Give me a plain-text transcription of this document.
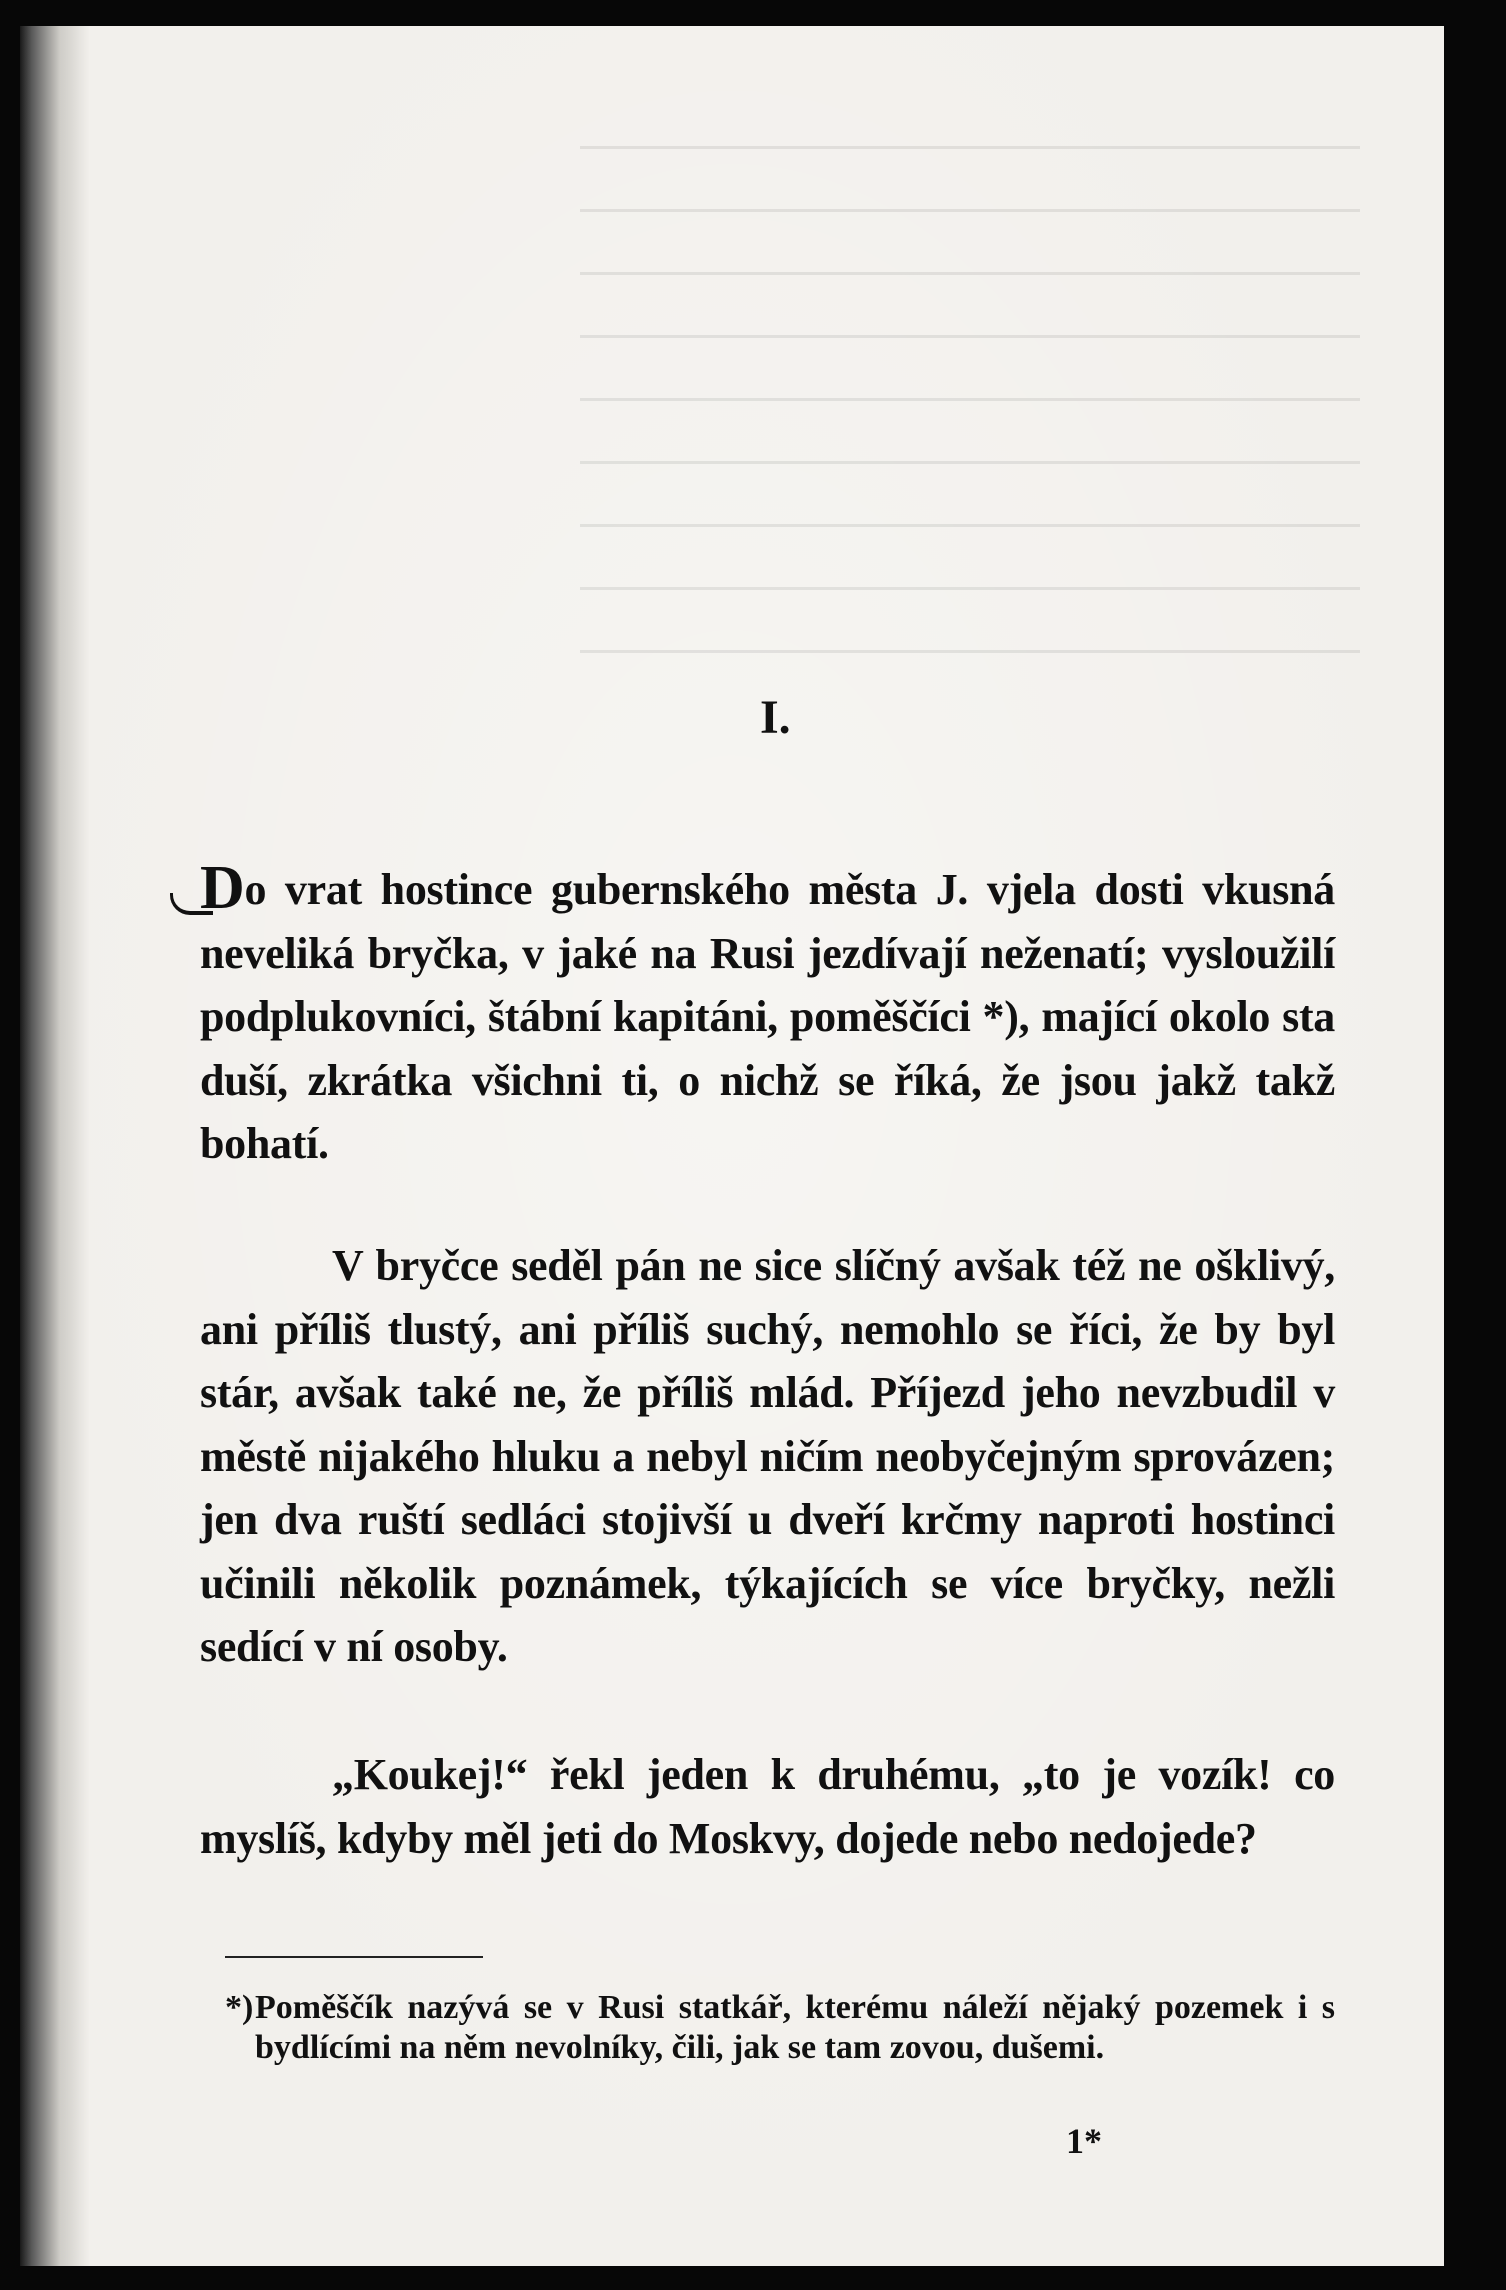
I.
Do vrat hostince gubernského města J. vjela dosti vkusná neveliká bryčka, v jaké na Rusi jezdívají neženatí; vysloužilí podplukovníci, štábní kapitáni, poměščíci *), mající okolo sta duší, zkrátka všichni ti, o nichž se říká, že jsou jakž takž bohatí.
V bryčce seděl pán ne sice slíčný avšak též ne ošklivý, ani příliš tlustý, ani příliš suchý, nemohlo se říci, že by byl stár, avšak také ne, že příliš mlád. Příjezd jeho nevzbudil v městě nijakého hluku a nebyl ničím neobyčejným sprovázen; jen dva ruští sedláci stojivší u dveří krčmy naproti hostinci učinili několik poznámek, týkajících se více bryčky, nežli sedící v ní osoby.
„Koukej!“ řekl jeden k druhému, „to je vozík! co myslíš, kdyby měl jeti do Moskvy, dojede nebo nedojede?
*) Poměščík nazývá se v Rusi statkář, kterému náleží nějaký pozemek i s bydlícími na něm nevolníky, čili, jak se tam zovou, dušemi.
1*
